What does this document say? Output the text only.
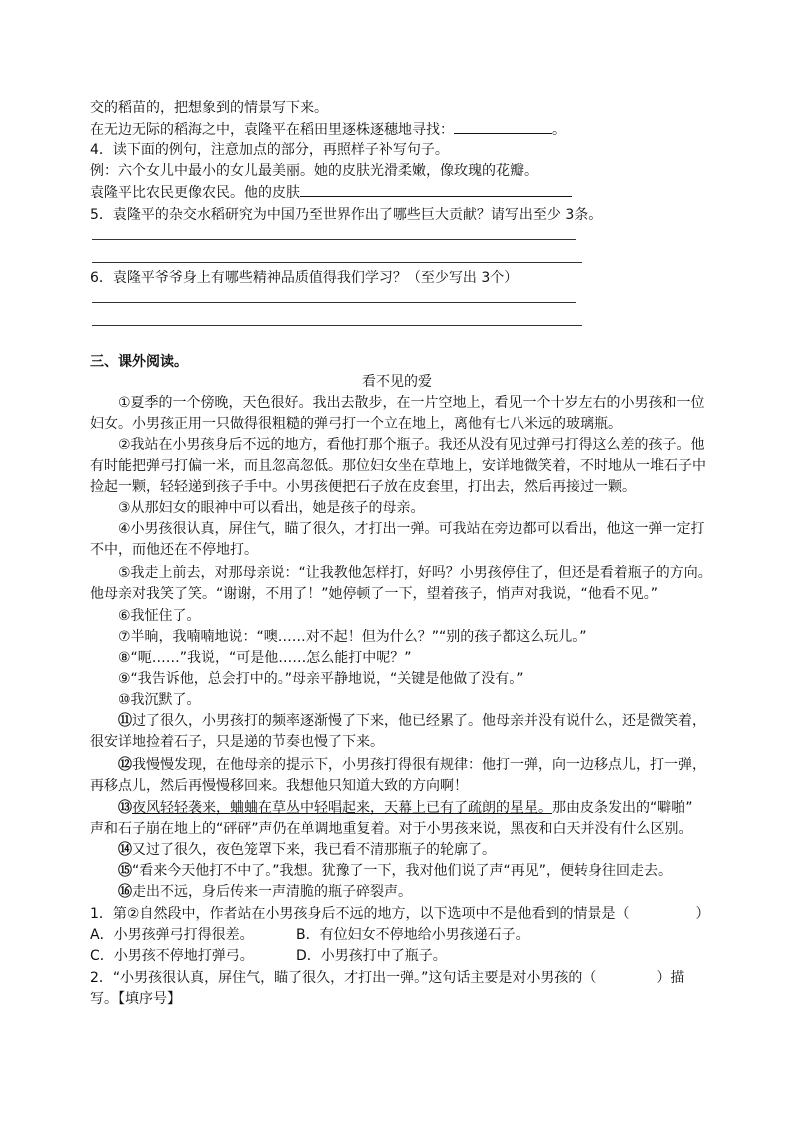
交的稻苗的，把想象到的情景写下来。
在无边无际的稻海之中，袁隆平在稻田里逐株逐穗地寻找：	。
4．读下面的例句，注意加点的部分，再照样子补写句子。
例：六个女儿中最小的女儿最美丽。她的皮肤光滑柔嫩，像玫瑰的花瓣。
袁隆平比农民更像农民。他的皮肤
5．袁隆平的杂交水稻研究为中国乃至世界作出了哪些巨大贡献？请写出至少 3条。
6．袁隆平爷爷身上有哪些精神品质值得我们学习？（至少写出 3个）
三、课外阅读。
看不见的爱
①夏季的一个傍晚，天色很好。我出去散步，在一片空地上，看见一个十岁左右的小男孩和一位
妇女。小男孩正用一只做得很粗糙的弹弓打一个立在地上，离他有七八米远的玻璃瓶。
②我站在小男孩身后不远的地方，看他打那个瓶子。我还从没有见过弹弓打得这么差的孩子。他
有时能把弹弓打偏一米，而且忽高忽低。那位妇女坐在草地上，安详地微笑着，不时地从一堆石子中
捡起一颗，轻轻递到孩子手中。小男孩便把石子放在皮套里，打出去，然后再接过一颗。
③从那妇女的眼神中可以看出，她是孩子的母亲。
④小男孩很认真，屏住气，瞄了很久，才打出一弹。可我站在旁边都可以看出，他这一弹一定打
不中，而他还在不停地打。
⑤我走上前去，对那母亲说：“让我教他怎样打，好吗？小男孩停住了，但还是看着瓶子的方向。
他母亲对我笑了笑。“谢谢，不用了！”她停顿了一下，望着孩子，悄声对我说，“他看不见。”
⑥我怔住了。
⑦半晌，我喃喃地说：“噢……对不起！但为什么？”“别的孩子都这么玩儿。”
⑧“呃……”我说，“可是他……怎么能打中呢？”
⑨“我告诉他，总会打中的。”母亲平静地说，“关键是他做了没有。”
⑩我沉默了。
⑪过了很久，小男孩打的频率逐渐慢了下来，他已经累了。他母亲并没有说什么，还是微笑着，
很安详地捡着石子，只是递的节奏也慢了下来。
⑫我慢慢发现，在他母亲的提示下，小男孩打得很有规律：他打一弹，向一边移点儿，打一弹，
再移点儿，然后再慢慢移回来。我想他只知道大致的方向啊！
⑬夜风轻轻袭来，蛐蛐在草丛中轻唱起来，天幕上已有了疏朗的星星。那由皮条发出的“噼啪”
声和石子崩在地上的“砰砰”声仍在单调地重复着。对于小男孩来说，黑夜和白天并没有什么区别。
⑭又过了很久，夜色笼罩下来，我已看不清那瓶子的轮廓了。
⑮“看来今天他打不中了。”我想。犹豫了一下，我对他们说了声“再见”，便转身往回走去。
⑯走出不远，身后传来一声清脆的瓶子碎裂声。
1．第②自然段中，作者站在小男孩身后不远的地方，以下选项中不是他看到的情景是（	）
A．小男孩弹弓打得很差。	B．有位妇女不停地给小男孩递石子。
C．小男孩不停地打弹弓。	D．小男孩打中了瓶子。
2．“小男孩很认真，屏住气，瞄了很久，才打出一弹。”这句话主要是对小男孩的（	）描
写。【填序号】
